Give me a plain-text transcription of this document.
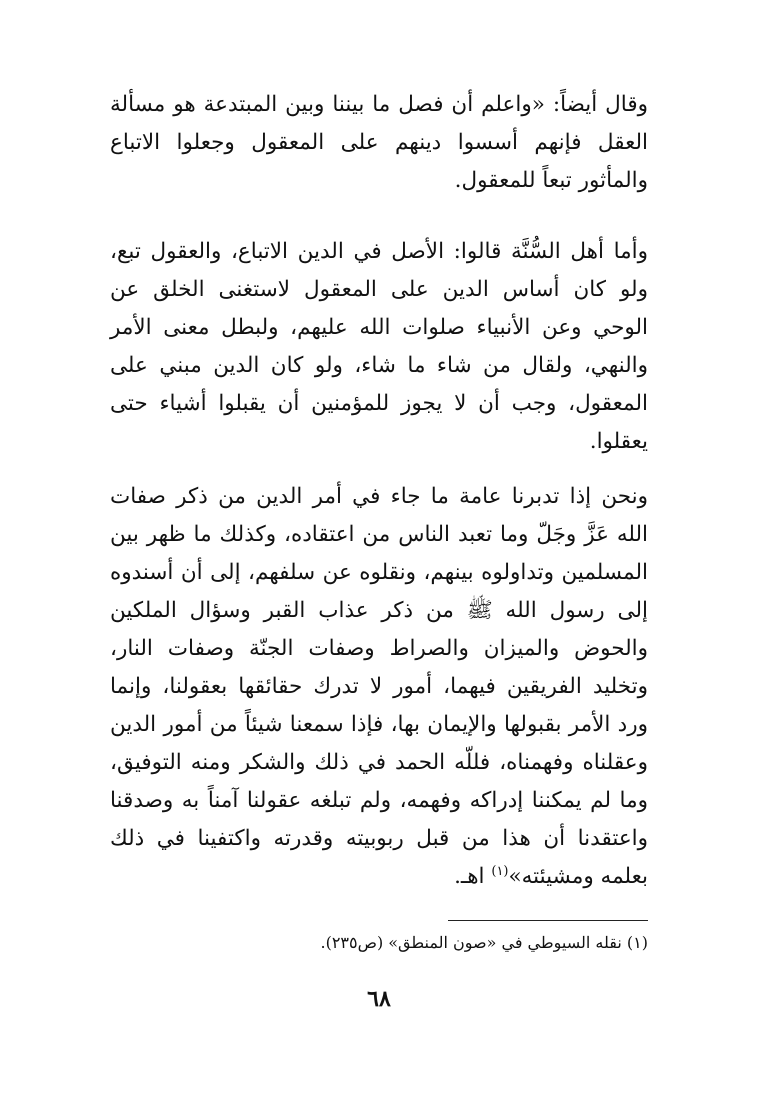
وقال أيضاً: «واعلم أن فصل ما بيننا وبين المبتدعة هو مسألة العقل فإنهم أسسوا دينهم على المعقول وجعلوا الاتباع والمأثور تبعاً للمعقول.

وأما أهل السُّنَّة قالوا: الأصل في الدين الاتباع، والعقول تبع، ولو كان أساس الدين على المعقول لاستغنى الخلق عن الوحي وعن الأنبياء صلوات الله عليهم، ولبطل معنى الأمر والنهي، ولقال من شاء ما شاء، ولو كان الدين مبني على المعقول، وجب أن لا يجوز للمؤمنين أن يقبلوا أشياء حتى يعقلوا.

ونحن إذا تدبرنا عامة ما جاء في أمر الدين من ذكر صفات الله عَزَّ وجَلّ وما تعبد الناس من اعتقاده، وكذلك ما ظهر بين المسلمين وتداولوه بينهم، ونقلوه عن سلفهم، إلى أن أسندوه إلى رسول الله ﷺ من ذكر عذاب القبر وسؤال الملكين والحوض والميزان والصراط وصفات الجنّة وصفات النار، وتخليد الفريقين فيهما، أمور لا تدرك حقائقها بعقولنا، وإنما ورد الأمر بقبولها والإيمان بها، فإذا سمعنا شيئاً من أمور الدين وعقلناه وفهمناه، فللّه الحمد في ذلك والشكر ومنه التوفيق، وما لم يمكننا إدراكه وفهمه، ولم تبلغه عقولنا آمناً به وصدقنا واعتقدنا أن هذا من قبل ربوبيته وقدرته واكتفينا في ذلك بعلمه ومشيئته»$^{(١)}$ اهـ.

(١) نقله السيوطي في «صون المنطق» (ص٢٣٥).

٦٨
